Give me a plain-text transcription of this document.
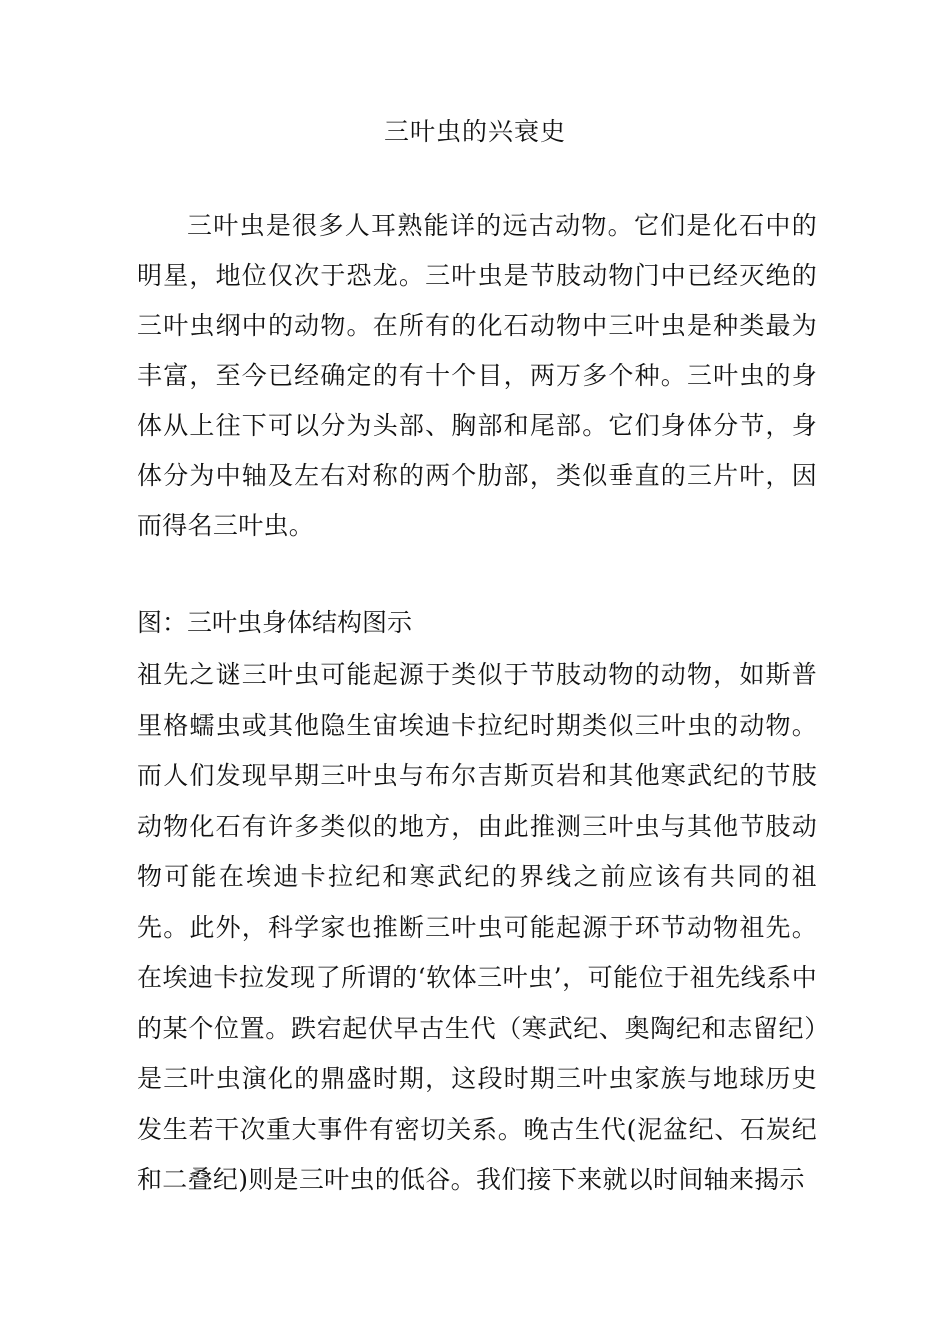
三叶虫的兴衰史

三叶虫是很多人耳熟能详的远古动物。它们是化石中的明星，地位仅次于恐龙。三叶虫是节肢动物门中已经灭绝的三叶虫纲中的动物。在所有的化石动物中三叶虫是种类最为丰富，至今已经确定的有十个目，两万多个种。三叶虫的身体从上往下可以分为头部、胸部和尾部。它们身体分节，身体分为中轴及左右对称的两个肋部，类似垂直的三片叶，因而得名三叶虫。

图：三叶虫身体结构图示

祖先之谜三叶虫可能起源于类似于节肢动物的动物，如斯普里格蠕虫或其他隐生宙埃迪卡拉纪时期类似三叶虫的动物。而人们发现早期三叶虫与布尔吉斯页岩和其他寒武纪的节肢动物化石有许多类似的地方，由此推测三叶虫与其他节肢动物可能在埃迪卡拉纪和寒武纪的界线之前应该有共同的祖先。此外，科学家也推断三叶虫可能起源于环节动物祖先。在埃迪卡拉发现了所谓的‘软体三叶虫’，可能位于祖先线系中的某个位置。跌宕起伏早古生代（寒武纪、奥陶纪和志留纪）是三叶虫演化的鼎盛时期，这段时期三叶虫家族与地球历史发生若干次重大事件有密切关系。晚古生代(泥盆纪、石炭纪和二叠纪)则是三叶虫的低谷。我们接下来就以时间轴来揭示
